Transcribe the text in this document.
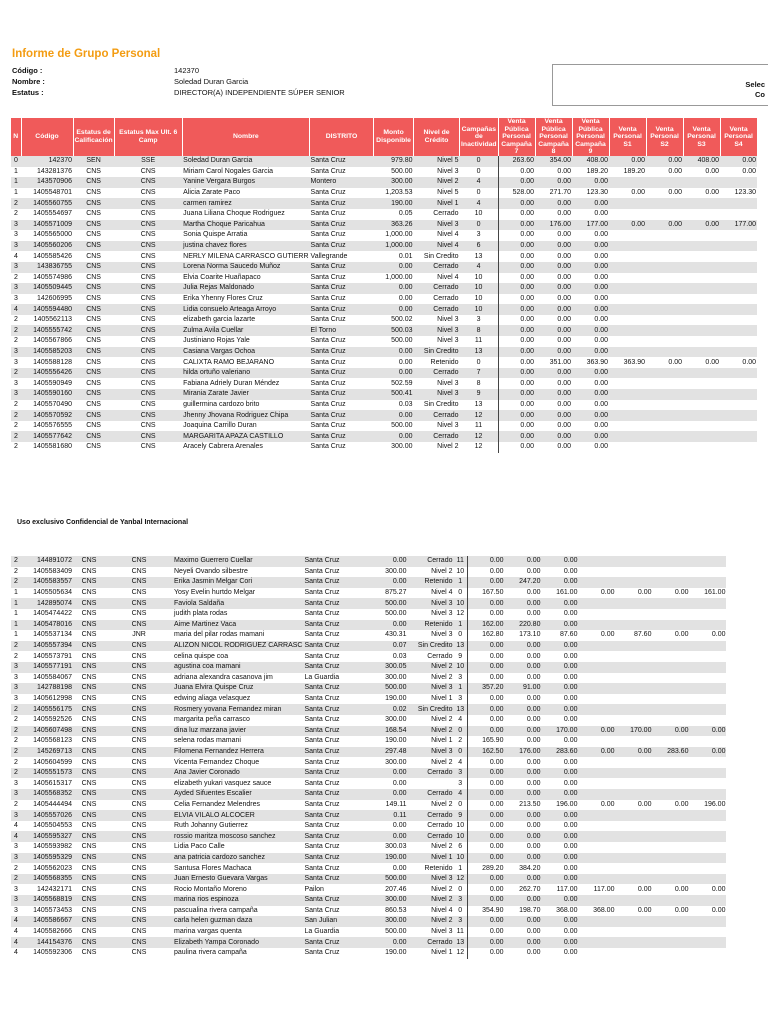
Informe de Grupo Personal
Código :	142370
Nombre :	Soledad Duran Garcia
Estatus :	DIRECTOR(A) INDEPENDIENTE SÚPER SENIOR
Selec
Co
N	Código	Estatus de Calificación	Estatus Max Ult. 6 Camp	Nombre	DISTRITO	Monto Disponible	Nivel de Crédito	Campañas de Inactividad	Venta Pública Personal Campaña 7	Venta Pública Personal Campaña 8	Venta Pública Personal Campaña 9	Venta Personal S1	Venta Personal S2	Venta Personal S3	Venta Personal S4
0	142370	SEN	SSE	Soledad Duran Garcia	Santa Cruz	979.80	Nivel 5	0	263.60	354.00	408.00	0.00	0.00	408.00	0.00
1	143281376	CNS	CNS	Miriam Carol Nogales Garcia	Santa Cruz	500.00	Nivel 3	0	0.00	0.00	189.20	189.20	0.00	0.00	0.00
1	143570906	CNS	CNS	Yanine Vergara Burgos	Montero	300.00	Nivel 2	4	0.00	0.00	0.00				
1	1405548701	CNS	CNS	Alicia Zarate Paco	Santa Cruz	1,203.53	Nivel 5	0	528.00	271.70	123.30	0.00	0.00	0.00	123.30
2	1405560755	CNS	CNS	carmen ramirez	Santa Cruz	190.00	Nivel 1	4	0.00	0.00	0.00				
2	1405554697	CNS	CNS	Juana Liliana Choque Rodriguez	Santa Cruz	0.05	Cerrado	10	0.00	0.00	0.00				
3	1405571009	CNS	CNS	Martha Choque Paricahua	Santa Cruz	363.26	Nivel 3	0	0.00	176.00	177.00	0.00	0.00	0.00	177.00
3	1405565000	CNS	CNS	Sonia Quispe Arratia	Santa Cruz	1,000.00	Nivel 4	3	0.00	0.00	0.00				
3	1405560206	CNS	CNS	justina chavez flores	Santa Cruz	1,000.00	Nivel 4	6	0.00	0.00	0.00				
4	1405585426	CNS	CNS	NERLY MILENA CARRASCO GUTIERR	Vallegrande	0.01	Sin Credito	13	0.00	0.00	0.00				
3	143836755	CNS	CNS	Lorena Norma Saucedo Muñoz	Santa Cruz	0.00	Cerrado	4	0.00	0.00	0.00				
2	1405574986	CNS	CNS	Elvia Coarite Huañapaco	Santa Cruz	1,000.00	Nivel 4	10	0.00	0.00	0.00				
3	1405509445	CNS	CNS	Julia Rejas Maldonado	Santa Cruz	0.00	Cerrado	10	0.00	0.00	0.00				
3	142606995	CNS	CNS	Erika Yhenny Flores Cruz	Santa Cruz	0.00	Cerrado	10	0.00	0.00	0.00				
4	1405594480	CNS	CNS	Lidia consuelo Arteaga Arroyo	Santa Cruz	0.00	Cerrado	10	0.00	0.00	0.00				
2	1405562113	CNS	CNS	elizabeth garcia lazarte	Santa Cruz	500.02	Nivel 3	3	0.00	0.00	0.00				
2	1405555742	CNS	CNS	Zulma Avila Cuellar	El Torno	500.03	Nivel 3	8	0.00	0.00	0.00				
2	1405567866	CNS	CNS	Justiniano Rojas Yale	Santa Cruz	500.00	Nivel 3	11	0.00	0.00	0.00				
3	1405585203	CNS	CNS	Casiana Vargas Ochoa	Santa Cruz	0.00	Sin Credito	13	0.00	0.00	0.00				
3	1405588128	CNS	CNS	CALIXTA RAMO BEJARANO	Santa Cruz	0.00	Retenido	0	0.00	351.00	363.90	363.90	0.00	0.00	0.00
2	1405556426	CNS	CNS	hilda ortuño valeriano	Santa Cruz	0.00	Cerrado	7	0.00	0.00	0.00				
3	1405590949	CNS	CNS	Fabiana Adriely Duran Méndez	Santa Cruz	502.59	Nivel 3	8	0.00	0.00	0.00				
3	1405590160	CNS	CNS	Mirania Zarate Javier	Santa Cruz	500.41	Nivel 3	9	0.00	0.00	0.00				
2	1405570490	CNS	CNS	guillermina cardozo brito	Santa Cruz	0.03	Sin Credito	13	0.00	0.00	0.00				
2	1405570592	CNS	CNS	Jhenny Jhovana Rodriguez Chipa	Santa Cruz	0.00	Cerrado	12	0.00	0.00	0.00				
2	1405576555	CNS	CNS	Joaquina Carrillo Duran	Santa Cruz	500.00	Nivel 3	11	0.00	0.00	0.00				
2	1405577642	CNS	CNS	MARGARITA APAZA CASTILLO	Santa Cruz	0.00	Cerrado	12	0.00	0.00	0.00				
2	1405581680	CNS	CNS	Aracely Cabrera Arenales	Santa Cruz	300.00	Nivel 2	12	0.00	0.00	0.00				
Uso exclusivo Confidencial de Yanbal Internacional
2	144891072	CNS	CNS	Maximo Guerrero Cuellar	Santa Cruz	0.00	Cerrado	11	0.00	0.00	0.00				
2	1405583409	CNS	CNS	Neyeli Ovando silbestre	Santa Cruz	300.00	Nivel 2	10	0.00	0.00	0.00				
2	1405583557	CNS	CNS	Erika Jasmin Melgar Cori	Santa Cruz	0.00	Retenido	1	0.00	247.20	0.00				
1	1405505634	CNS	CNS	Yosy Evelin hurtdo Melgar	Santa Cruz	875.27	Nivel 4	0	167.50	0.00	161.00	0.00	0.00	0.00	161.00
1	142895074	CNS	CNS	Faviola Saldaña	Santa Cruz	500.00	Nivel 3	10	0.00	0.00	0.00				
1	1405474422	CNS	CNS	judith plata rodas	Santa Cruz	500.00	Nivel 3	12	0.00	0.00	0.00				
1	1405478016	CNS	CNS	Aime Martinez Vaca	Santa Cruz	0.00	Retenido	1	162.00	220.80	0.00				
1	1405537134	CNS	JNR	maria del pilar rodas mamani	Santa Cruz	430.31	Nivel 3	0	162.80	173.10	87.60	0.00	87.60	0.00	0.00
2	1405557394	CNS	CNS	ALIZON NICOL RODRIGUEZ CARRASC	Santa Cruz	0.07	Sin Credito	13	0.00	0.00	0.00				
2	1405573791	CNS	CNS	celina quispe coa	Santa Cruz	0.03	Cerrado	9	0.00	0.00	0.00				
3	1405577191	CNS	CNS	agustina coa mamani	Santa Cruz	300.05	Nivel 2	10	0.00	0.00	0.00				
3	1405584067	CNS	CNS	adriana alexandra casanova jim	La Guardia	300.00	Nivel 2	3	0.00	0.00	0.00				
3	142788198	CNS	CNS	Juana Elvira Quispe Cruz	Santa Cruz	500.00	Nivel 3	1	357.20	91.00	0.00				
3	1405612998	CNS	CNS	edwing aliaga velasquez	Santa Cruz	190.00	Nivel 1	3	0.00	0.00	0.00				
2	1405556175	CNS	CNS	Rosmery yovana Fernandez miran	Santa Cruz	0.02	Sin Credito	13	0.00	0.00	0.00				
2	1405592526	CNS	CNS	margarita peña carrasco	Santa Cruz	300.00	Nivel 2	4	0.00	0.00	0.00				
2	1405607498	CNS	CNS	dina luz marzana javier	Santa Cruz	168.54	Nivel 2	0	0.00	0.00	170.00	0.00	170.00	0.00	0.00
2	1405568123	CNS	CNS	selena rodas mamani	Santa Cruz	190.00	Nivel 1	2	165.90	0.00	0.00				
2	145269713	CNS	CNS	Filomena Fernandez Herrera	Santa Cruz	297.48	Nivel 3	0	162.50	176.00	283.60	0.00	0.00	283.60	0.00
2	1405604599	CNS	CNS	Vicenta Fernandez Choque	Santa Cruz	300.00	Nivel 2	4	0.00	0.00	0.00				
2	1405551573	CNS	CNS	Ana Javier Coronado	Santa Cruz	0.00	Cerrado	3	0.00	0.00	0.00				
3	1405615317	CNS	CNS	elizabeth yukari vasquez sauce	Santa Cruz	0.00		3	0.00	0.00	0.00				
3	1405568352	CNS	CNS	Ayded Sifuentes Escalier	Santa Cruz	0.00	Cerrado	4	0.00	0.00	0.00				
2	1405444494	CNS	CNS	Celia Fernandez Melendres	Santa Cruz	149.11	Nivel 2	0	0.00	213.50	196.00	0.00	0.00	0.00	196.00
3	1405557026	CNS	CNS	ELVIA VILALO ALCOCER	Santa Cruz	0.11	Cerrado	9	0.00	0.00	0.00				
4	1405504553	CNS	CNS	Ruth Johanny Gutierrez	Santa Cruz	0.00	Cerrado	10	0.00	0.00	0.00				
4	1405595327	CNS	CNS	rossio maritza moscoso sanchez	Santa Cruz	0.00	Cerrado	10	0.00	0.00	0.00				
3	1405593982	CNS	CNS	Lidia Paco Calle	Santa Cruz	300.03	Nivel 2	6	0.00	0.00	0.00				
3	1405595329	CNS	CNS	ana patricia cardozo sanchez	Santa Cruz	190.00	Nivel 1	10	0.00	0.00	0.00				
2	1405562023	CNS	CNS	Santusa Flores Machaca	Santa Cruz	0.00	Retenido	1	289.20	384.20	0.00				
2	1405568355	CNS	CNS	Juan Ernesto Guevara Vargas	Santa Cruz	500.00	Nivel 3	12	0.00	0.00	0.00				
3	142432171	CNS	CNS	Rocio Montaño Moreno	Pailon	207.46	Nivel 2	0	0.00	262.70	117.00	117.00	0.00	0.00	0.00
3	1405568819	CNS	CNS	marina rios espinoza	Santa Cruz	300.00	Nivel 2	3	0.00	0.00	0.00				
3	1405573453	CNS	CNS	pascualina rivera campaña	Santa Cruz	860.53	Nivel 4	0	354.90	198.70	368.00	368.00	0.00	0.00	0.00
4	1405586667	CNS	CNS	carla helen guzman daza	San Julian	300.00	Nivel 2	3	0.00	0.00	0.00				
4	1405582666	CNS	CNS	marina vargas quenta	La Guardia	500.00	Nivel 3	11	0.00	0.00	0.00				
4	144154376	CNS	CNS	Elizabeth Yampa Coronado	Santa Cruz	0.00	Cerrado	13	0.00	0.00	0.00				
4	1405592306	CNS	CNS	paulina rivera campaña	Santa Cruz	190.00	Nivel 1	12	0.00	0.00	0.00				
